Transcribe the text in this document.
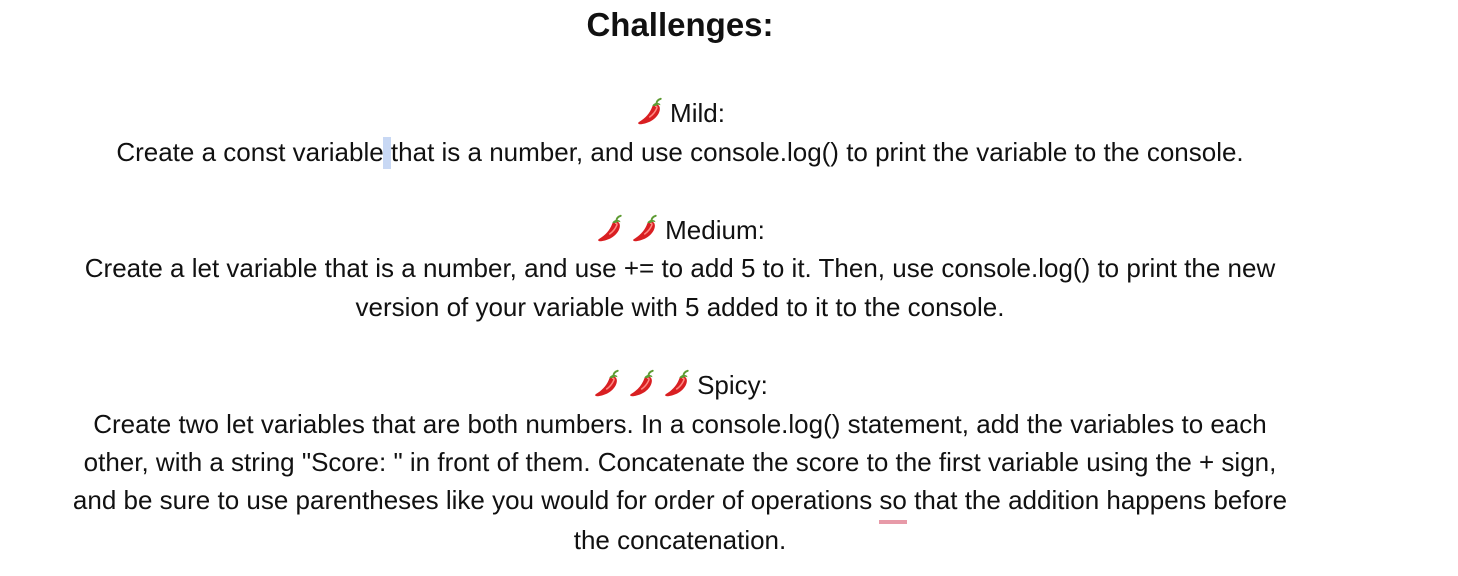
Challenges:
Mild:
Create a const variable that is a number, and use console.log() to print the variable to the console.
Medium:
Create a let variable that is a number, and use += to add 5 to it. Then, use console.log() to print the new
version of your variable with 5 added to it to the console.
Spicy:
Create two let variables that are both numbers. In a console.log() statement, add the variables to each
other, with a string "Score: " in front of them. Concatenate the score to the first variable using the + sign,
and be sure to use parentheses like you would for order of operations so that the addition happens before
the concatenation.
